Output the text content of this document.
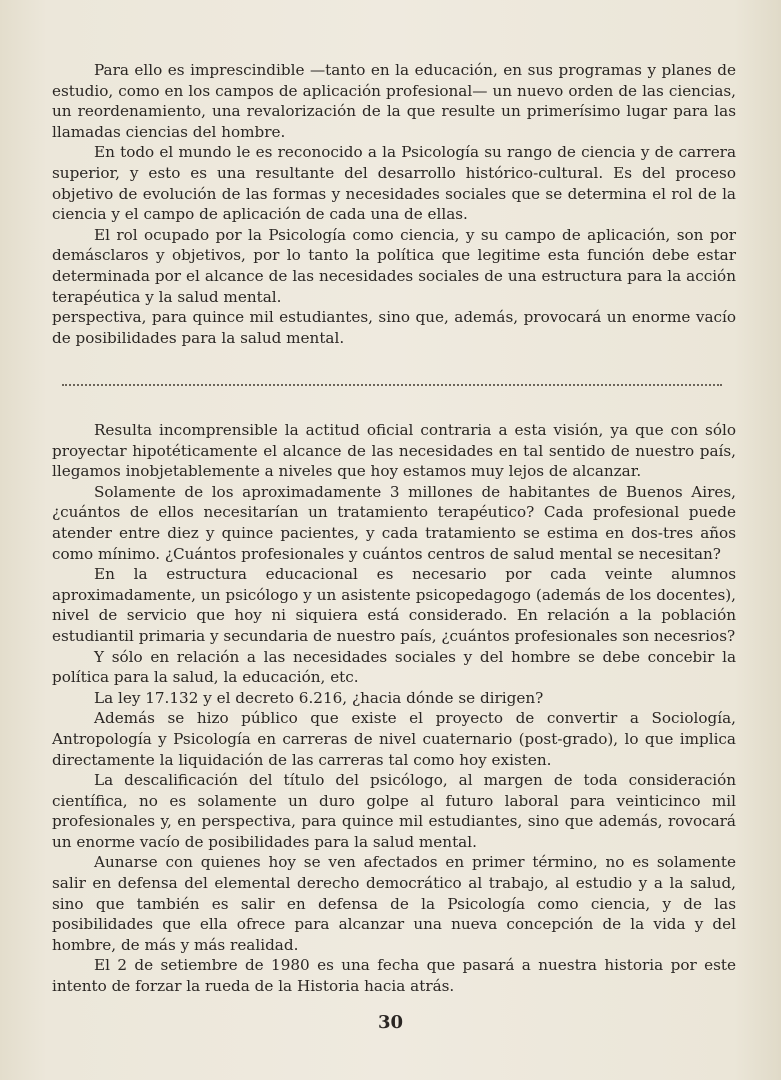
Para ello es imprescindible —tanto en la educación, en sus programas y planes de estudio, como en los campos de aplicación profesional— un nuevo orden de las ciencias, un reordenamiento, una revalorización de la que resulte un primerísimo lugar para las llamadas ciencias del hombre.

En todo el mundo le es reconocido a la Psicología su rango de ciencia y de carrera superior, y esto es una resultante del desarrollo histórico-cultural. Es del proceso objetivo de evolución de las formas y necesidades sociales que se determina el rol de la ciencia y el campo de aplicación de cada una de ellas.

El rol ocupado por la Psicología como ciencia, y su campo de aplicación, son por demásclaros y objetivos, por lo tanto la política que legitime esta función debe estar determinada por el alcance de las necesidades sociales de una estructura para la acción terapéutica y la salud mental.

perspectiva, para quince mil estudiantes, sino que, además, provocará un enorme vacío de posibilidades para la salud mental.

Resulta incomprensible la actitud oficial contraria a esta visión, ya que con sólo proyectar hipotéticamente el alcance de las necesidades en tal sentido de nuestro país, llegamos inobjetablemente a niveles que hoy estamos muy lejos de alcanzar.

Solamente de los aproximadamente 3 millones de habitantes de Buenos Aires, ¿cuántos de ellos necesitarían un tratamiento terapéutico? Cada profesional puede atender entre diez y quince pacientes, y cada tratamiento se estima en dos-tres años como mínimo. ¿Cuántos profesionales y cuántos centros de salud mental se necesitan?

En la estructura educacional es necesario por cada veinte alumnos aproximadamente, un psicólogo y un asistente psicopedagogo (además de los docentes), nivel de servicio que hoy ni siquiera está considerado. En relación a la población estudiantil primaria y secundaria de nuestro país, ¿cuántos profesionales son necesrios?

Y sólo en relación a las necesidades sociales y del hombre se debe concebir la política para la salud, la educación, etc.

La ley 17.132 y el decreto 6.216, ¿hacia dónde se dirigen?

Además se hizo público que existe el proyecto de convertir a Sociología, Antropología y Psicología en carreras de nivel cuaternario (post-grado), lo que implica directamente la liquidación de las carreras tal como hoy existen.

La descalificación del título del psicólogo, al margen de toda consideración científica, no es solamente un duro golpe al futuro laboral para veinticinco mil profesionales y, en perspectiva, para quince mil estudiantes, sino que además, rovocará un enorme vacío de posibilidades para la salud mental.

Aunarse con quienes hoy se ven afectados en primer término, no es solamente salir en defensa del elemental derecho democrático al trabajo, al estudio y a la salud, sino que también es salir en defensa de la Psicología como ciencia, y de las posibilidades que ella ofrece para alcanzar una nueva concepción de la vida y del hombre, de más y más realidad.

El 2 de setiembre de 1980 es una fecha que pasará a nuestra historia por este intento de forzar la rueda de la Historia hacia atrás.

30
